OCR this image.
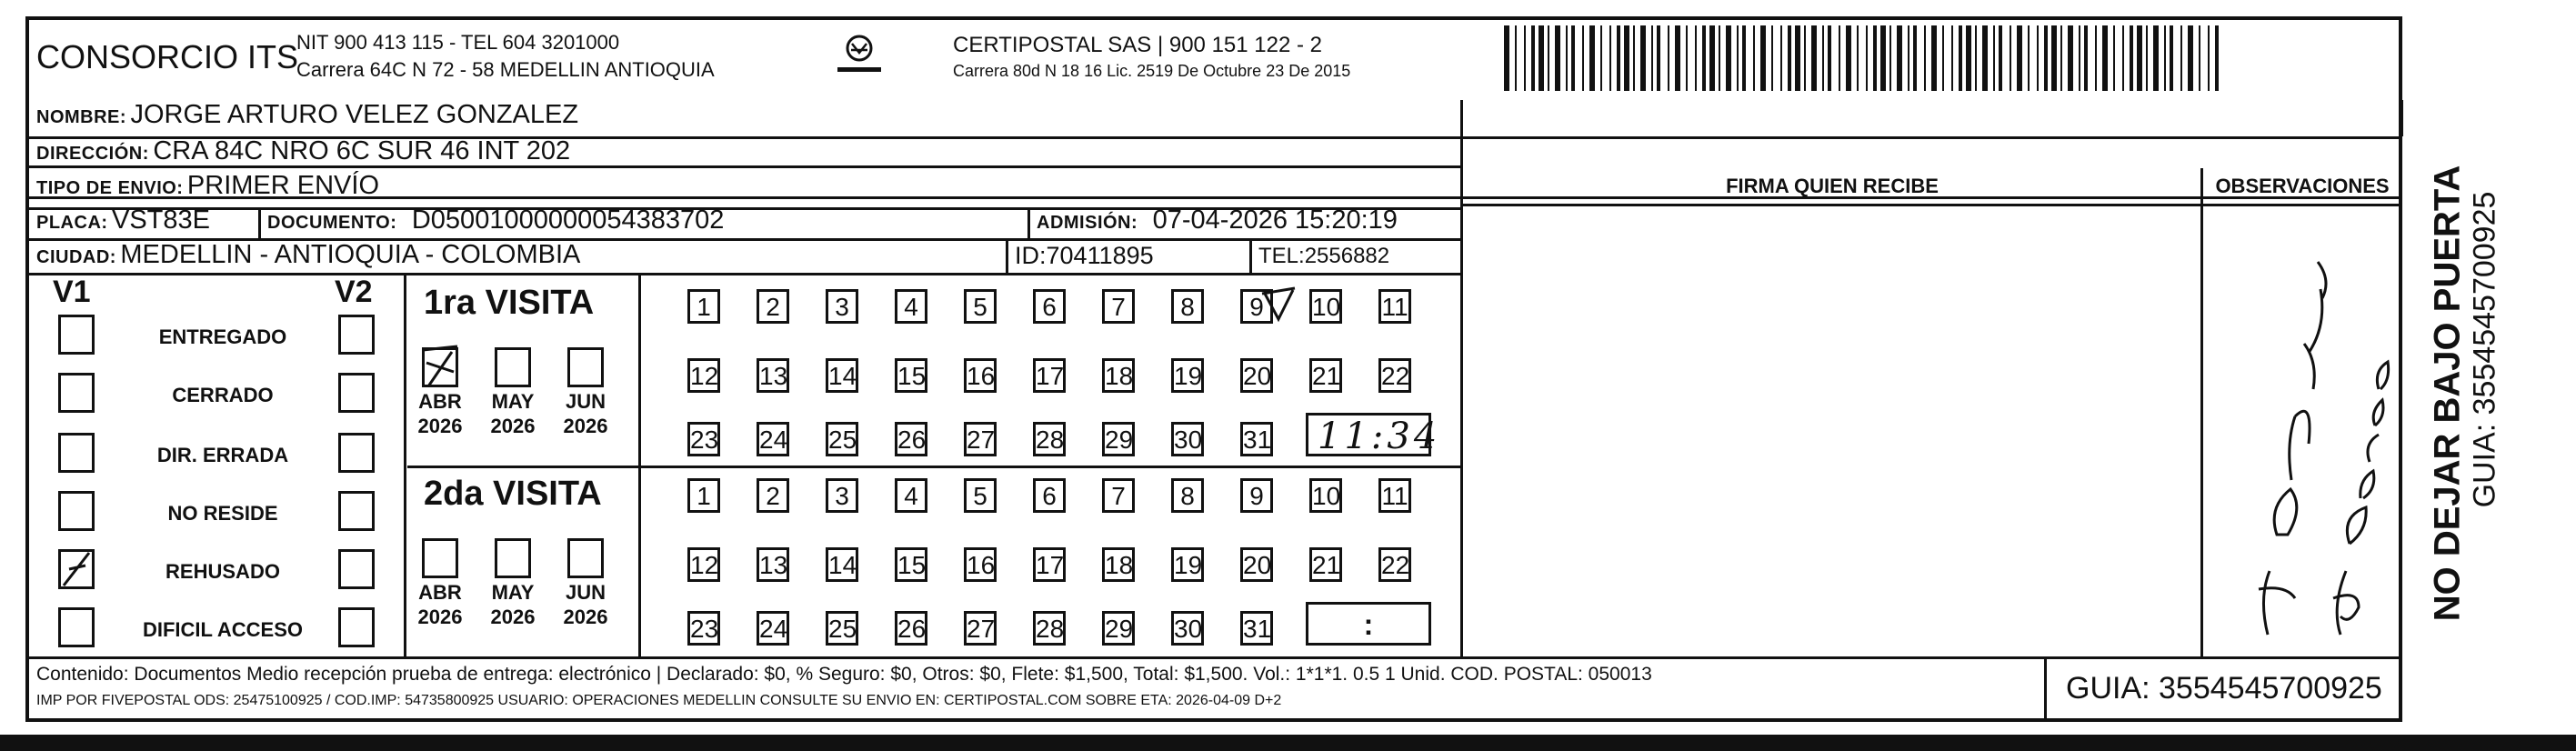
CONSORCIO ITS
NIT 900 413 115 - TEL 604 3201000
Carrera 64C N 72 - 58 MEDELLIN ANTIOQUIA
CERTIPOSTAL SAS | 900 151 122 - 2
Carrera 80d N 18 16 Lic. 2519 De Octubre 23 De 2015
NOMBRE: JORGE ARTURO VELEZ GONZALEZ
DIRECCIÓN: CRA 84C NRO 6C SUR 46 INT 202
TIPO DE ENVIO: PRIMER ENVÍO
PLACA: VST83E	DOCUMENTO: D05001000000054383702	ADMISIÓN: 07-04-2026 15:20:19
CIUDAD: MEDELLIN - ANTIOQUIA - COLOMBIA	ID:70411895	TEL:2556882
FIRMA QUIEN RECIBE	OBSERVACIONES
V1	V2
ENTREGADO
CERRADO
DIR. ERRADA
NO RESIDE
REHUSADO
DIFICIL ACCESO
1ra VISITA
2da VISITA
ABR
2026
MAY
2026
JUN
2026
ABR
2026
MAY
2026
JUN
2026
1	2	3	4	5	6	7	8	9	10 11
12 13 14 15 16 17 18 19 20 21 22
23 24 25 26 27 28 29 30 31
1	2	3	4	5	6	7	8	9	10 11
12 13 14 15 16 17 18 19 20 21 22
23 24 25 26 27 28 29 30 31
11:34
:
NO DEJAR BAJO PUERTA GUIA: 3554545700925
Contenido: Documentos Medio recepción prueba de entrega: electrónico | Declarado: $0, % Seguro: $0, Otros: $0, Flete: $1,500, Total: $1,500. Vol.: 1*1*1. 0.5 1 Unid. COD. POSTAL: 050013
IMP POR FIVEPOSTAL ODS: 25475100925 / COD.IMP: 54735800925 USUARIO: OPERACIONES MEDELLIN CONSULTE SU ENVIO EN: CERTIPOSTAL.COM SOBRE ETA: 2026-04-09 D+2	GUIA: 3554545700925
